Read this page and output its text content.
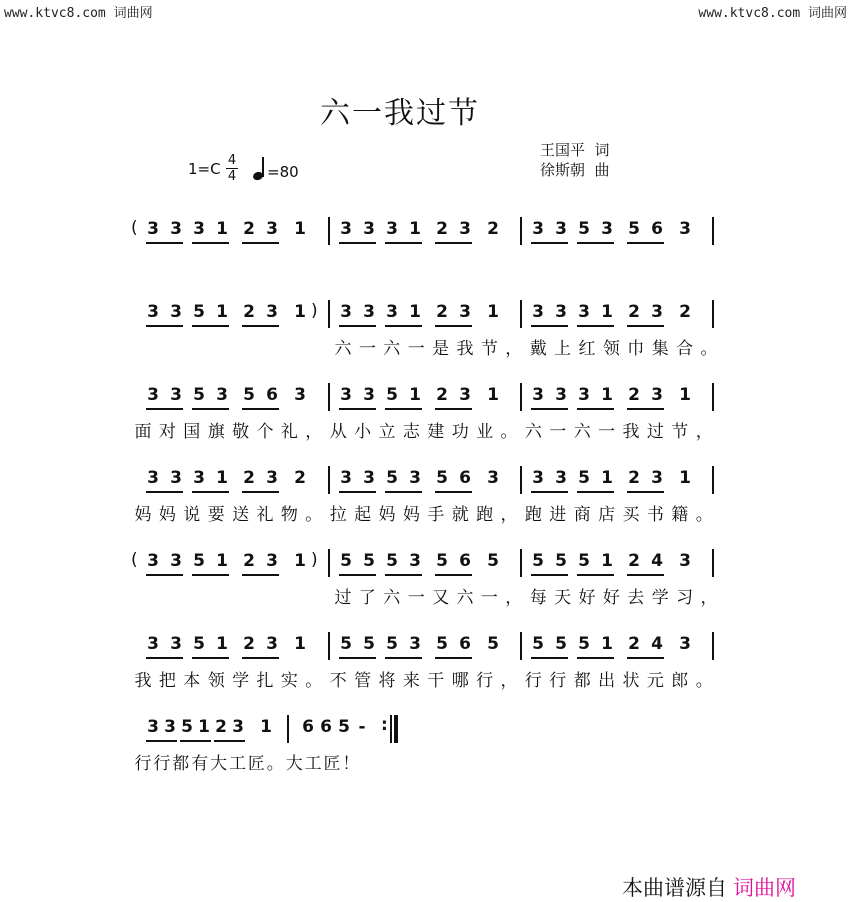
www.ktvc8.com 词曲网	www.ktvc8.com 词曲网
六一我过节
王国平  词
徐斯朝  曲
1=C 4
4	=80
3 3 3 1 2 3 1 3 3 3 1 2 3 2 3 3 5 3 5 6 3
(
3 3 5 1 2 3 1 3 3 3 1 2 3 1 3 3 3 1 2 3 2
)
六 一 六 一 是 我 节 ， 戴 上 红 领 巾 集 合 。
3 3 5 3 5 6 3 3 3 5 1 2 3 1 3 3 3 1 2 3 1
面 对 国 旗 敬 个 礼 ， 从 小 立 志 建 功 业 。 六 一 六 一 我 过 节 ，
3 3 3 1 2 3 2 3 3 5 3 5 6 3 3 3 5 1 2 3 1
妈 妈 说 要 送 礼 物 。 拉 起 妈 妈 手 就 跑 ， 跑 进 商 店 买 书 籍 。
3 3 5 1 2 3 1 5 5 5 3 5 6 5 5 5 5 1 2 4 3
(	)
过 了 六 一 又 六 一 ， 每 天 好 好 去 学 习 ，
3 3 5 1 2 3 1 5 5 5 3 5 6 5 5 5 5 1 2 4 3
我 把 本 领 学 扎 实 。 不 管 将 来 干 哪 行 ， 行 行 都 出 状 元 郎 。
3 3 5 1 2 3 1 6 6 5 - :
行 行 都 有 大 工 匠 。 大 工 匠 ！
本曲谱源自 词曲网
